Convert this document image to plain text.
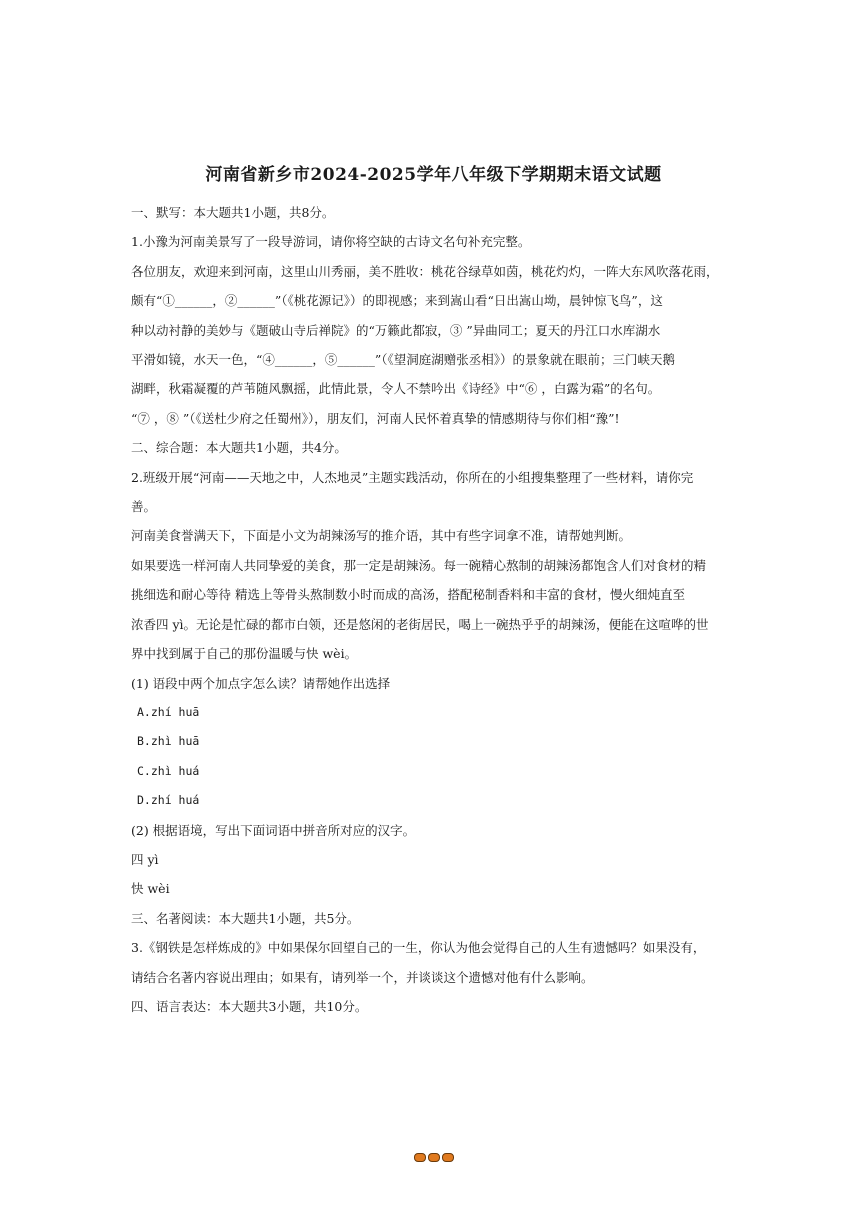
河南省新乡市2024-2025学年八年级下学期期末语文试题

一、默写：本大题共1小题，共8分。

1.小豫为河南美景写了一段导游词，请你将空缺的古诗文名句补充完整。

各位朋友，欢迎来到河南，这里山川秀丽，美不胜收：桃花谷绿草如茵，桃花灼灼，一阵大东风吹落花雨，

颇有“①______，②______”（《桃花源记》）的即视感；来到嵩山看“日出嵩山坳，晨钟惊飞鸟”，这

种以动衬静的美妙与《题破山寺后禅院》的“万籁此都寂，③ ”异曲同工；夏天的丹江口水库湖水

平滑如镜，水天一色，“④______，⑤______”（《望洞庭湖赠张丞相》）的景象就在眼前；三门峡天鹅

湖畔，秋霜凝覆的芦苇随风飘摇，此情此景，令人不禁吟出《诗经》中“⑥ ，白露为霜”的名句。

“⑦ ，⑧ ”（《送杜少府之任蜀州》），朋友们，河南人民怀着真挚的情感期待与你们相“豫”!

二、综合题：本大题共1小题，共4分。

2.班级开展“河南——天地之中，人杰地灵”主题实践活动，你所在的小组搜集整理了一些材料，请你完

善。

河南美食誉满天下，下面是小文为胡辣汤写的推介语，其中有些字词拿不准，请帮她判断。

如果要选一样河南人共同挚爱的美食，那一定是胡辣汤。每一碗精心熬制的胡辣汤都饱含人们对食材的精

挑细选和耐心等待 精选上等骨头熬制数小时而成的高汤，搭配秘制香料和丰富的食材，慢火细炖直至

浓香四 yì。无论是忙碌的都市白领，还是悠闲的老街居民，喝上一碗热乎乎的胡辣汤，便能在这喧哗的世

界中找到属于自己的那份温暖与快 wèi。

(1) 语段中两个加点字怎么读？请帮她作出选择

A.zhí huā

B.zhì huā

C.zhì huá

D.zhí huá

(2) 根据语境，写出下面词语中拼音所对应的汉字。

四 yì

快 wèi

三、名著阅读：本大题共1小题，共5分。

3.《钢铁是怎样炼成的》中如果保尔回望自己的一生，你认为他会觉得自己的人生有遗憾吗？如果没有，

请结合名著内容说出理由；如果有，请列举一个，并谈谈这个遗憾对他有什么影响。

四、语言表达：本大题共3小题，共10分。
